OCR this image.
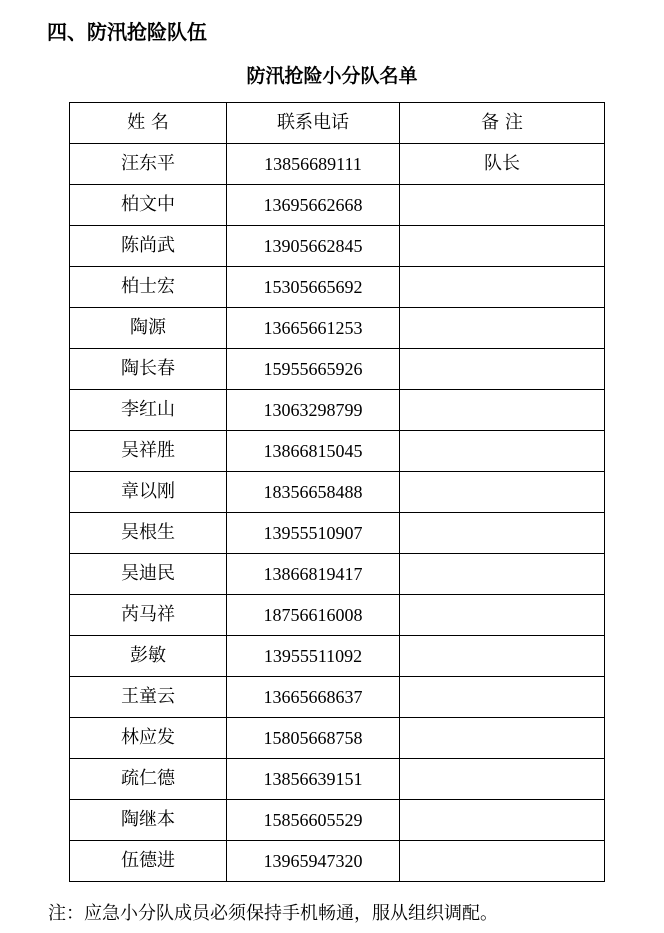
四、防汛抢险队伍
防汛抢险小分队名单
姓 名	联系电话	备 注
汪东平	13856689111	队长
柏文中	13695662668	
陈尚武	13905662845	
柏士宏	15305665692	
陶源	13665661253	
陶长春	15955665926	
李红山	13063298799	
吴祥胜	13866815045	
章以刚	18356658488	
吴根生	13955510907	
吴迪民	13866819417	
芮马祥	18756616008	
彭敏	13955511092	
王童云	13665668637	
林应发	15805668758	
疏仁德	13856639151	
陶继本	15856605529	
伍德进	13965947320	

注：应急小分队成员必须保持手机畅通，服从组织调配。
